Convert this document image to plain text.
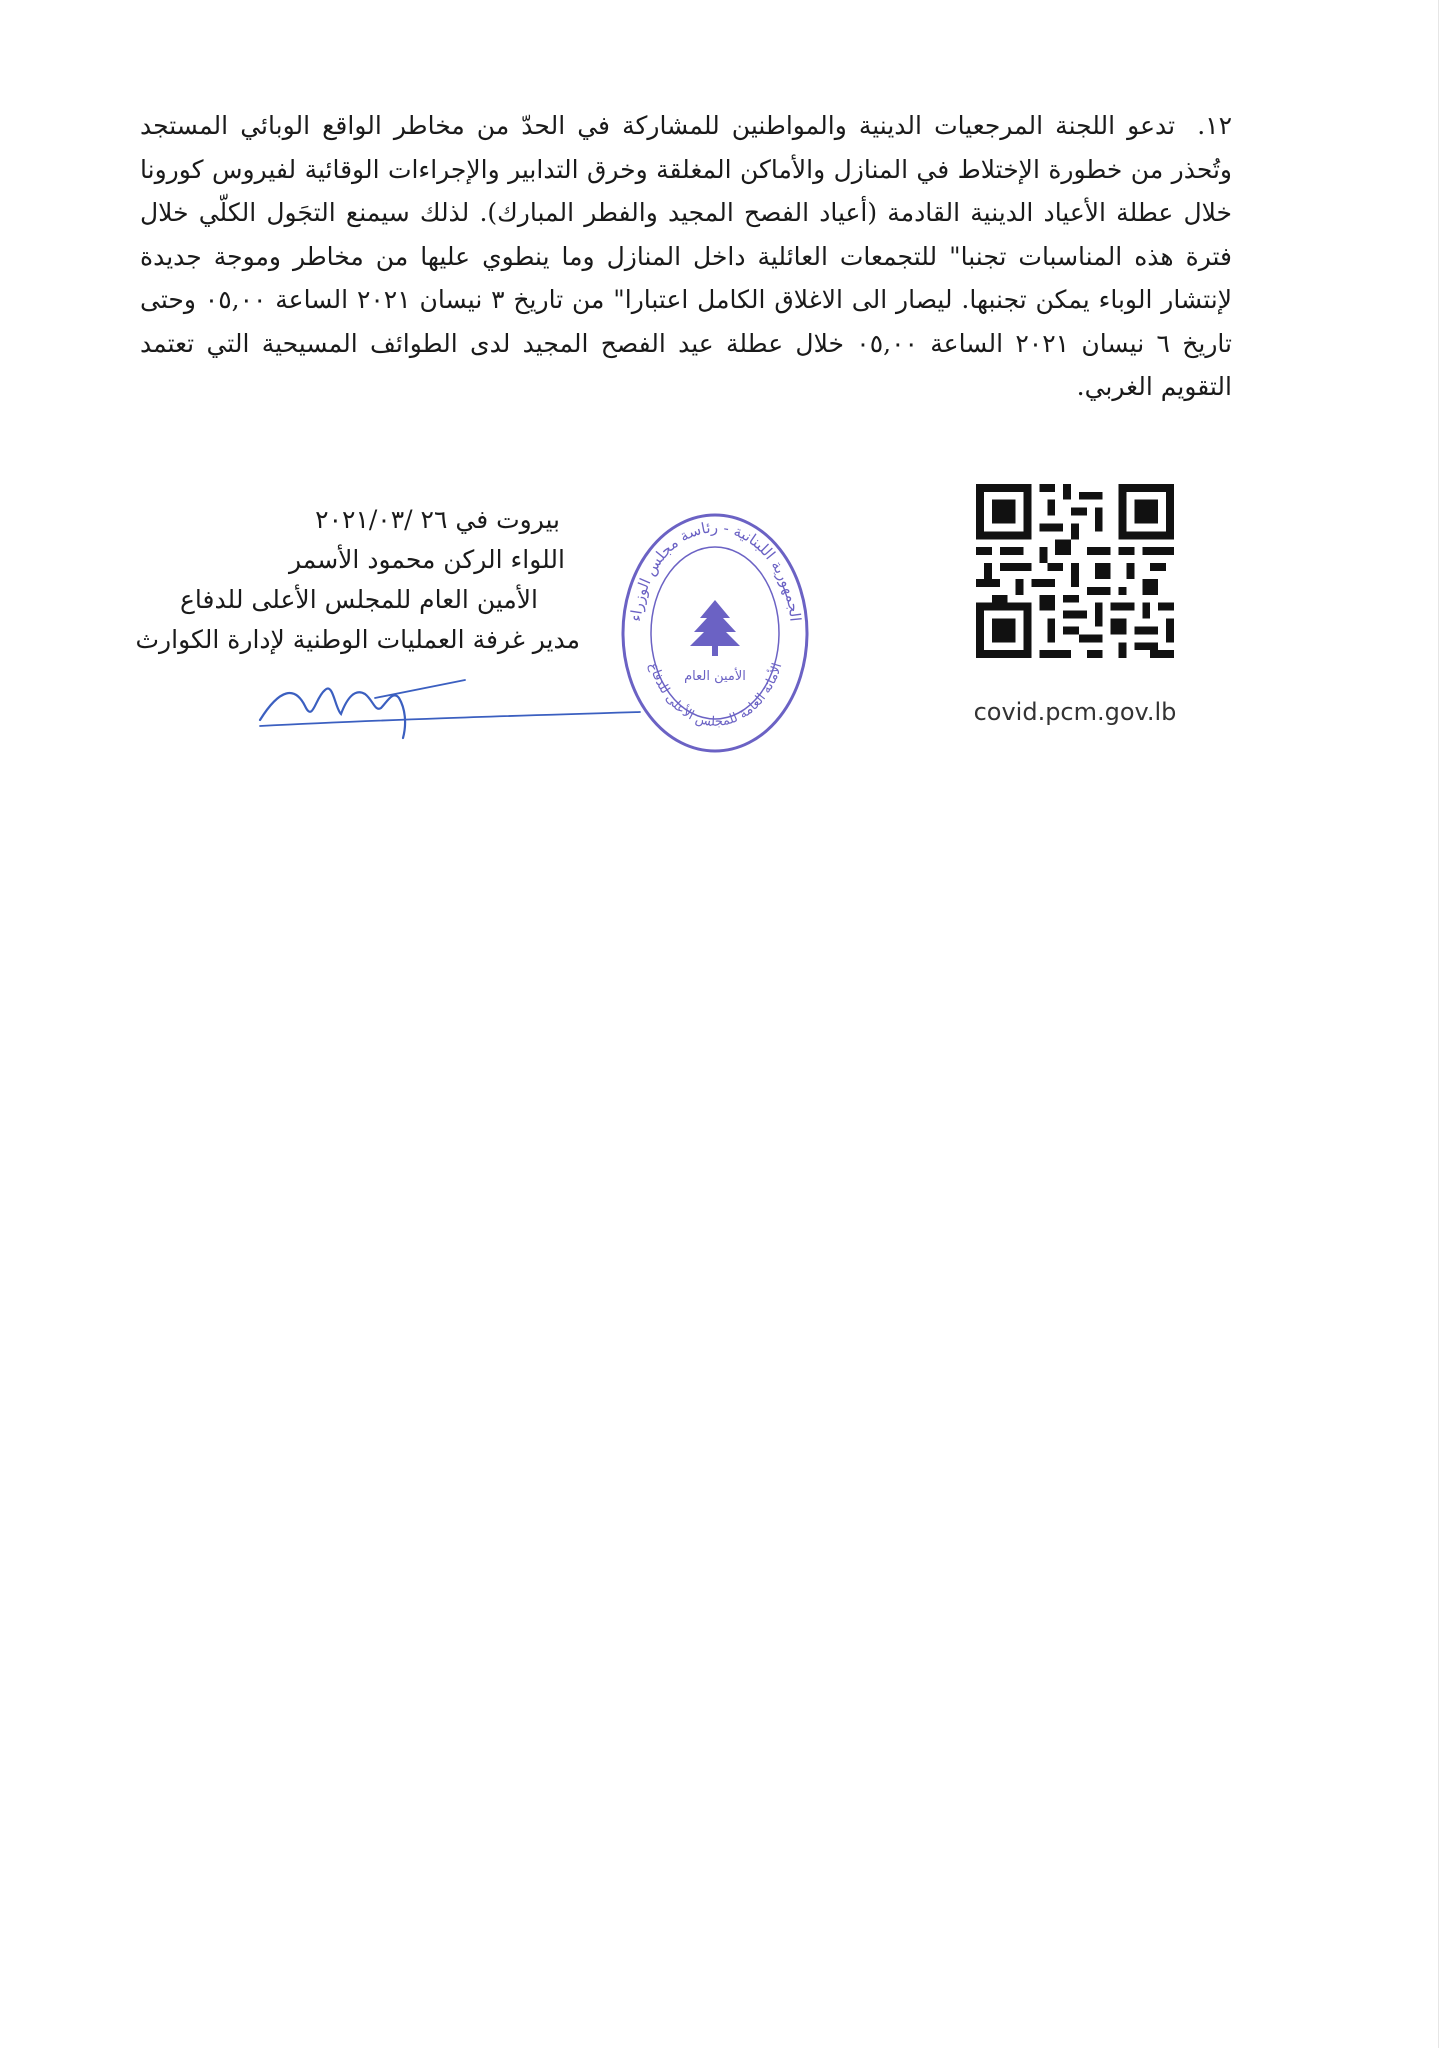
١٢. تدعو اللجنة المرجعيات الدينية والمواطنين للمشاركة في الحدّ من مخاطر الواقع الوبائي المستجد وتُحذر من خطورة الإختلاط في المنازل والأماكن المغلقة وخرق التدابير والإجراءات الوقائية لفيروس كورونا خلال عطلة الأعياد الدينية القادمة (أعياد الفصح المجيد والفطر المبارك). لذلك سيمنع التجَول الكلّي خلال فترة هذه المناسبات تجنبا" للتجمعات العائلية داخل المنازل وما ينطوي عليها من مخاطر وموجة جديدة لإنتشار الوباء يمكن تجنبها. ليصار الى الاغلاق الكامل اعتبارا" من تاريخ ٣ نيسان ٢٠٢١ الساعة ٠٥,٠٠ وحتى تاريخ ٦ نيسان ٢٠٢١ الساعة ٠٥,٠٠ خلال عطلة عيد الفصح المجيد لدى الطوائف المسيحية التي تعتمد التقويم الغربي.
الجمهورية اللبنانية - رئاسة مجلس الوزراء
الأمانة العامة للمجلس الأعلى للدفاع
الأمين العام
بيروت في ٢٦ /٢٠٢١/٠٣
اللواء الركن محمود الأسمر
الأمين العام للمجلس الأعلى للدفاع
مدير غرفة العمليات الوطنية لإدارة الكوارث
covid.pcm.gov.lb
